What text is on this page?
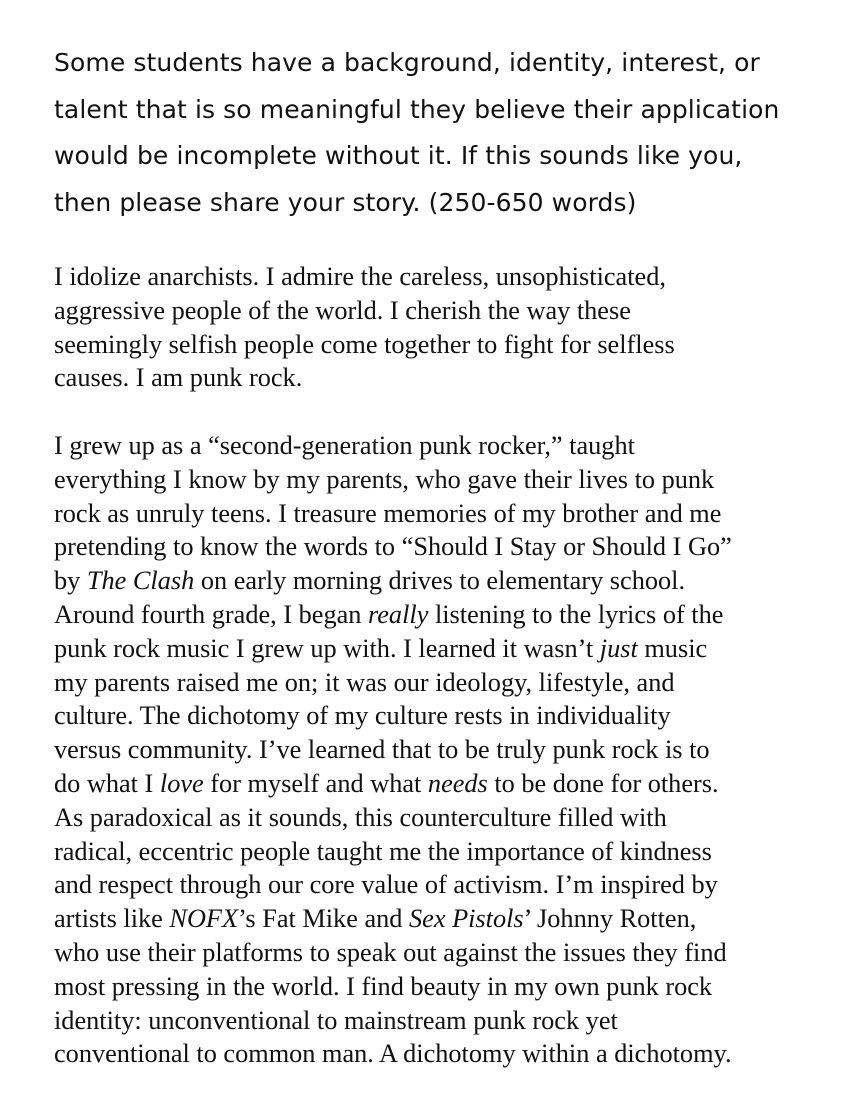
Some students have a background, identity, interest, or
talent that is so meaningful they believe their application
would be incomplete without it. If this sounds like you,
then please share your story. (250-650 words)

I idolize anarchists. I admire the careless, unsophisticated,
aggressive people of the world. I cherish the way these
seemingly selfish people come together to fight for selfless
causes. I am punk rock.

I grew up as a “second-generation punk rocker,” taught
everything I know by my parents, who gave their lives to punk
rock as unruly teens. I treasure memories of my brother and me
pretending to know the words to “Should I Stay or Should I Go”
by The Clash on early morning drives to elementary school.
Around fourth grade, I began really listening to the lyrics of the
punk rock music I grew up with. I learned it wasn’t just music
my parents raised me on; it was our ideology, lifestyle, and
culture. The dichotomy of my culture rests in individuality
versus community. I’ve learned that to be truly punk rock is to
do what I love for myself and what needs to be done for others.
As paradoxical as it sounds, this counterculture filled with
radical, eccentric people taught me the importance of kindness
and respect through our core value of activism. I’m inspired by
artists like NOFX’s Fat Mike and Sex Pistols’ Johnny Rotten,
who use their platforms to speak out against the issues they find
most pressing in the world. I find beauty in my own punk rock
identity: unconventional to mainstream punk rock yet
conventional to common man. A dichotomy within a dichotomy.
